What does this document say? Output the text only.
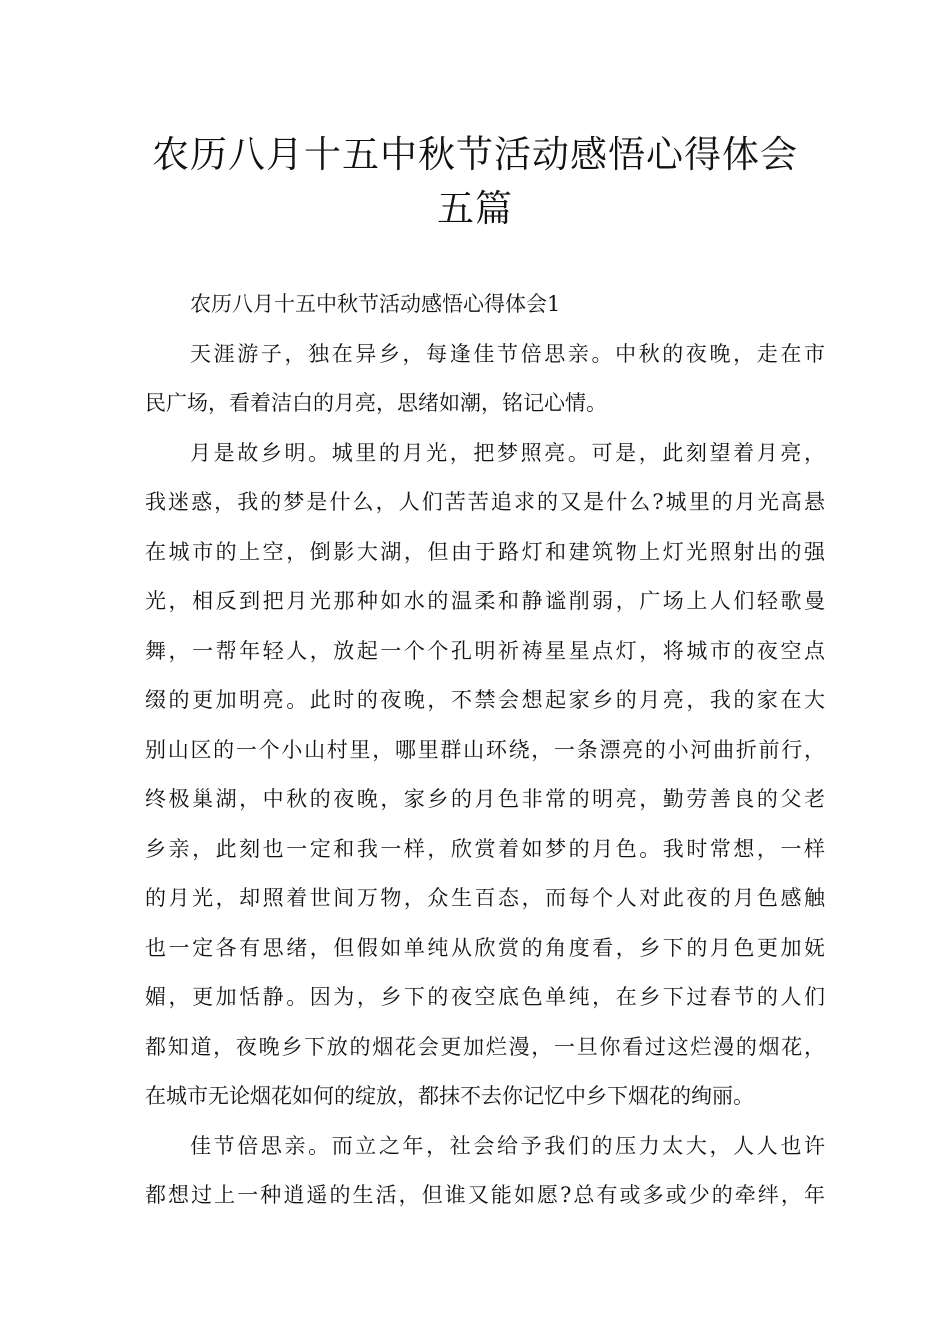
农历八月十五中秋节活动感悟心得体会
五篇
农历八月十五中秋节活动感悟心得体会1
天涯游子，独在异乡，每逢佳节倍思亲。中秋的夜晚，走在市
民广场，看着洁白的月亮，思绪如潮，铭记心情。
月是故乡明。城里的月光，把梦照亮。可是，此刻望着月亮，
我迷惑，我的梦是什么，人们苦苦追求的又是什么?城里的月光高悬
在城市的上空，倒影大湖，但由于路灯和建筑物上灯光照射出的强
光，相反到把月光那种如水的温柔和静谧削弱，广场上人们轻歌曼
舞，一帮年轻人，放起一个个孔明祈祷星星点灯，将城市的夜空点
缀的更加明亮。此时的夜晚，不禁会想起家乡的月亮，我的家在大
别山区的一个小山村里，哪里群山环绕，一条漂亮的小河曲折前行，
终极巢湖，中秋的夜晚，家乡的月色非常的明亮，勤劳善良的父老
乡亲，此刻也一定和我一样，欣赏着如梦的月色。我时常想，一样
的月光，却照着世间万物，众生百态，而每个人对此夜的月色感触
也一定各有思绪，但假如单纯从欣赏的角度看，乡下的月色更加妩
媚，更加恬静。因为，乡下的夜空底色单纯，在乡下过春节的人们
都知道，夜晚乡下放的烟花会更加烂漫，一旦你看过这烂漫的烟花，
在城市无论烟花如何的绽放，都抹不去你记忆中乡下烟花的绚丽。
佳节倍思亲。而立之年，社会给予我们的压力太大，人人也许
都想过上一种逍遥的生活，但谁又能如愿?总有或多或少的牵绊，年
